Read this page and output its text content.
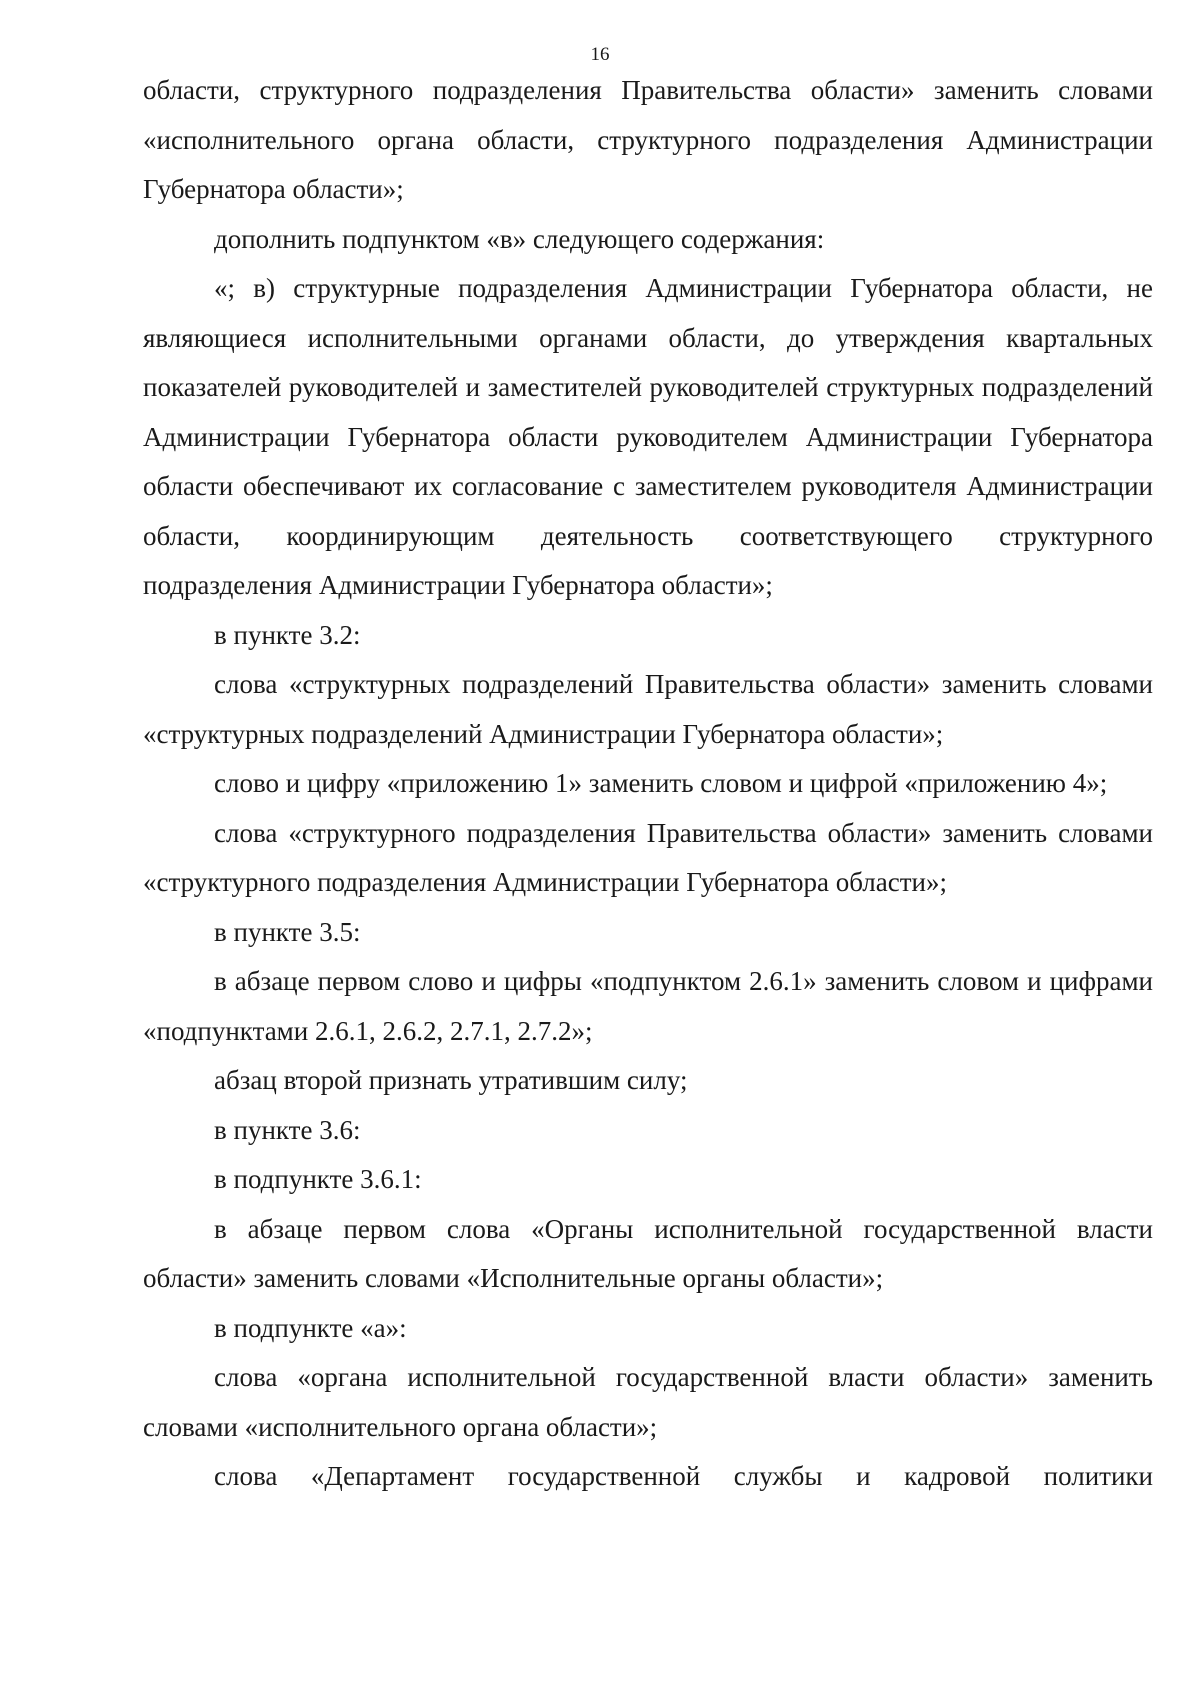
16

области, структурного подразделения Правительства области» заменить словами «исполнительного органа области, структурного подразделения Администрации Губернатора области»;

дополнить подпунктом «в» следующего содержания:

«; в) структурные подразделения Администрации Губернатора области, не являющиеся исполнительными органами области, до утверждения квартальных показателей руководителей и заместителей руководителей структурных подразделений Администрации Губернатора области руководителем Администрации Губернатора области обеспечивают их согласование с заместителем руководителя Администрации области, координирующим деятельность соответствующего структурного подразделения Администрации Губернатора области»;

в пункте 3.2:

слова «структурных подразделений Правительства области» заменить словами «структурных подразделений Администрации Губернатора области»;

слово и цифру «приложению 1» заменить словом и цифрой «приложению 4»;

слова «структурного подразделения Правительства области» заменить словами «структурного подразделения Администрации Губернатора области»;

в пункте 3.5:

в абзаце первом слово и цифры «подпунктом 2.6.1» заменить словом и цифрами «подпунктами 2.6.1, 2.6.2, 2.7.1, 2.7.2»;

абзац второй признать утратившим силу;

в пункте 3.6:

в подпункте 3.6.1:

в абзаце первом слова «Органы исполнительной государственной власти области» заменить словами «Исполнительные органы области»;

в подпункте «а»:

слова «органа исполнительной государственной власти области» заменить словами «исполнительного органа области»;

слова «Департамент государственной службы и кадровой политики
